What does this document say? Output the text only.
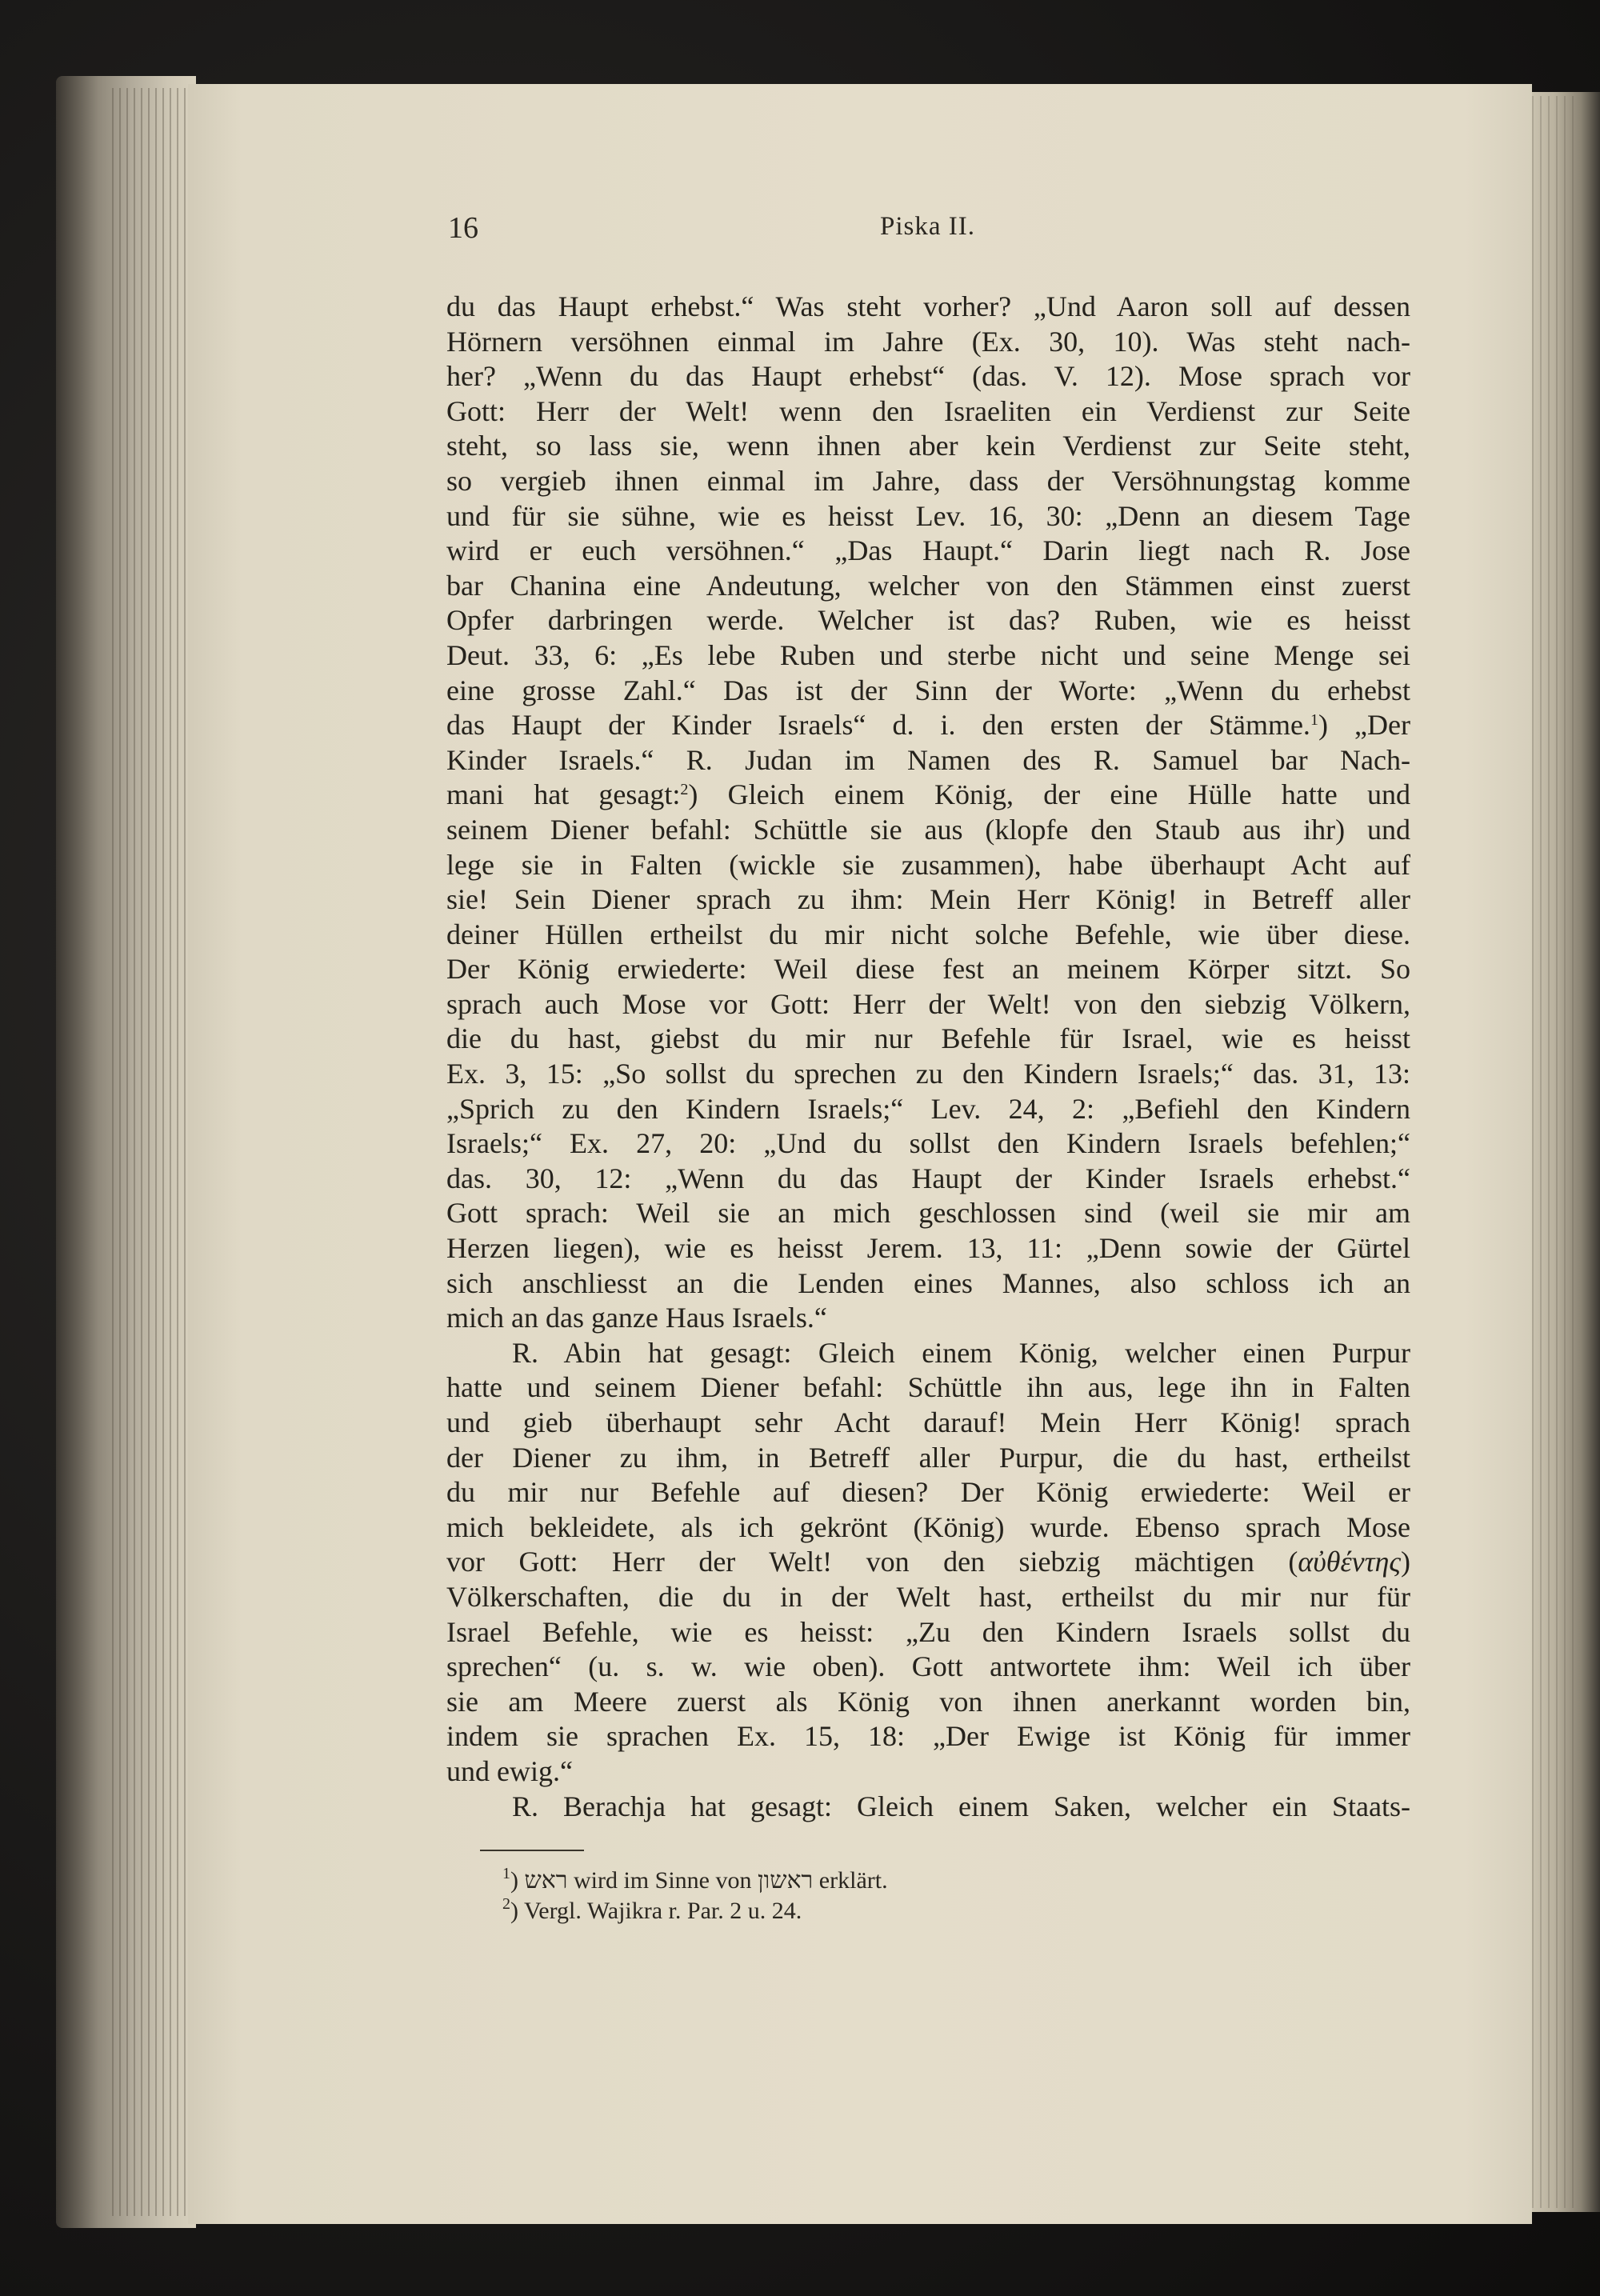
16	Piska II.
du das Haupt erhebst.“ Was steht vorher? „Und Aaron soll auf dessen
Hörnern versöhnen einmal im Jahre (Ex. 30, 10). Was steht nach-
her? „Wenn du das Haupt erhebst“ (das. V. 12). Mose sprach vor
Gott: Herr der Welt! wenn den Israeliten ein Verdienst zur Seite
steht, so lass sie, wenn ihnen aber kein Verdienst zur Seite steht,
so vergieb ihnen einmal im Jahre, dass der Versöhnungstag komme
und für sie sühne, wie es heisst Lev. 16, 30: „Denn an diesem Tage
wird er euch versöhnen.“ „Das Haupt.“ Darin liegt nach R. Jose
bar Chanina eine Andeutung, welcher von den Stämmen einst zuerst
Opfer darbringen werde. Welcher ist das? Ruben, wie es heisst
Deut. 33, 6: „Es lebe Ruben und sterbe nicht und seine Menge sei
eine grosse Zahl.“ Das ist der Sinn der Worte: „Wenn du erhebst
das Haupt der Kinder Israels“ d. i. den ersten der Stämme.$^1$) „Der
Kinder Israels.“ R. Judan im Namen des R. Samuel bar Nach-
mani hat gesagt:$^2$) Gleich einem König, der eine Hülle hatte und
seinem Diener befahl: Schüttle sie aus (klopfe den Staub aus ihr) und
lege sie in Falten (wickle sie zusammen), habe überhaupt Acht auf
sie! Sein Diener sprach zu ihm: Mein Herr König! in Betreff aller
deiner Hüllen ertheilst du mir nicht solche Befehle, wie über diese.
Der König erwiederte: Weil diese fest an meinem Körper sitzt. So
sprach auch Mose vor Gott: Herr der Welt! von den siebzig Völkern,
die du hast, giebst du mir nur Befehle für Israel, wie es heisst
Ex. 3, 15: „So sollst du sprechen zu den Kindern Israels;“ das. 31, 13:
„Sprich zu den Kindern Israels;“ Lev. 24, 2: „Befiehl den Kindern
Israels;“ Ex. 27, 20: „Und du sollst den Kindern Israels befehlen;“
das. 30, 12: „Wenn du das Haupt der Kinder Israels erhebst.“
Gott sprach: Weil sie an mich geschlossen sind (weil sie mir am
Herzen liegen), wie es heisst Jerem. 13, 11: „Denn sowie der Gürtel
sich anschliesst an die Lenden eines Mannes, also schloss ich an
mich an das ganze Haus Israels.“
R. Abin hat gesagt: Gleich einem König, welcher einen Purpur
hatte und seinem Diener befahl: Schüttle ihn aus, lege ihn in Falten
und gieb überhaupt sehr Acht darauf! Mein Herr König! sprach
der Diener zu ihm, in Betreff aller Purpur, die du hast, ertheilst
du mir nur Befehle auf diesen? Der König erwiederte: Weil er
mich bekleidete, als ich gekrönt (König) wurde. Ebenso sprach Mose
vor Gott: Herr der Welt! von den siebzig mächtigen (αὐθέντης)
Völkerschaften, die du in der Welt hast, ertheilst du mir nur für
Israel Befehle, wie es heisst: „Zu den Kindern Israels sollst du
sprechen“ (u. s. w. wie oben). Gott antwortete ihm: Weil ich über
sie am Meere zuerst als König von ihnen anerkannt worden bin,
indem sie sprachen Ex. 15, 18: „Der Ewige ist König für immer
und ewig.“
R. Berachja hat gesagt: Gleich einem Saken, welcher ein Staats-
$^1$) ראש wird im Sinne von ראשון erklärt.
$^2$) Vergl. Wajikra r. Par. 2 u. 24.
